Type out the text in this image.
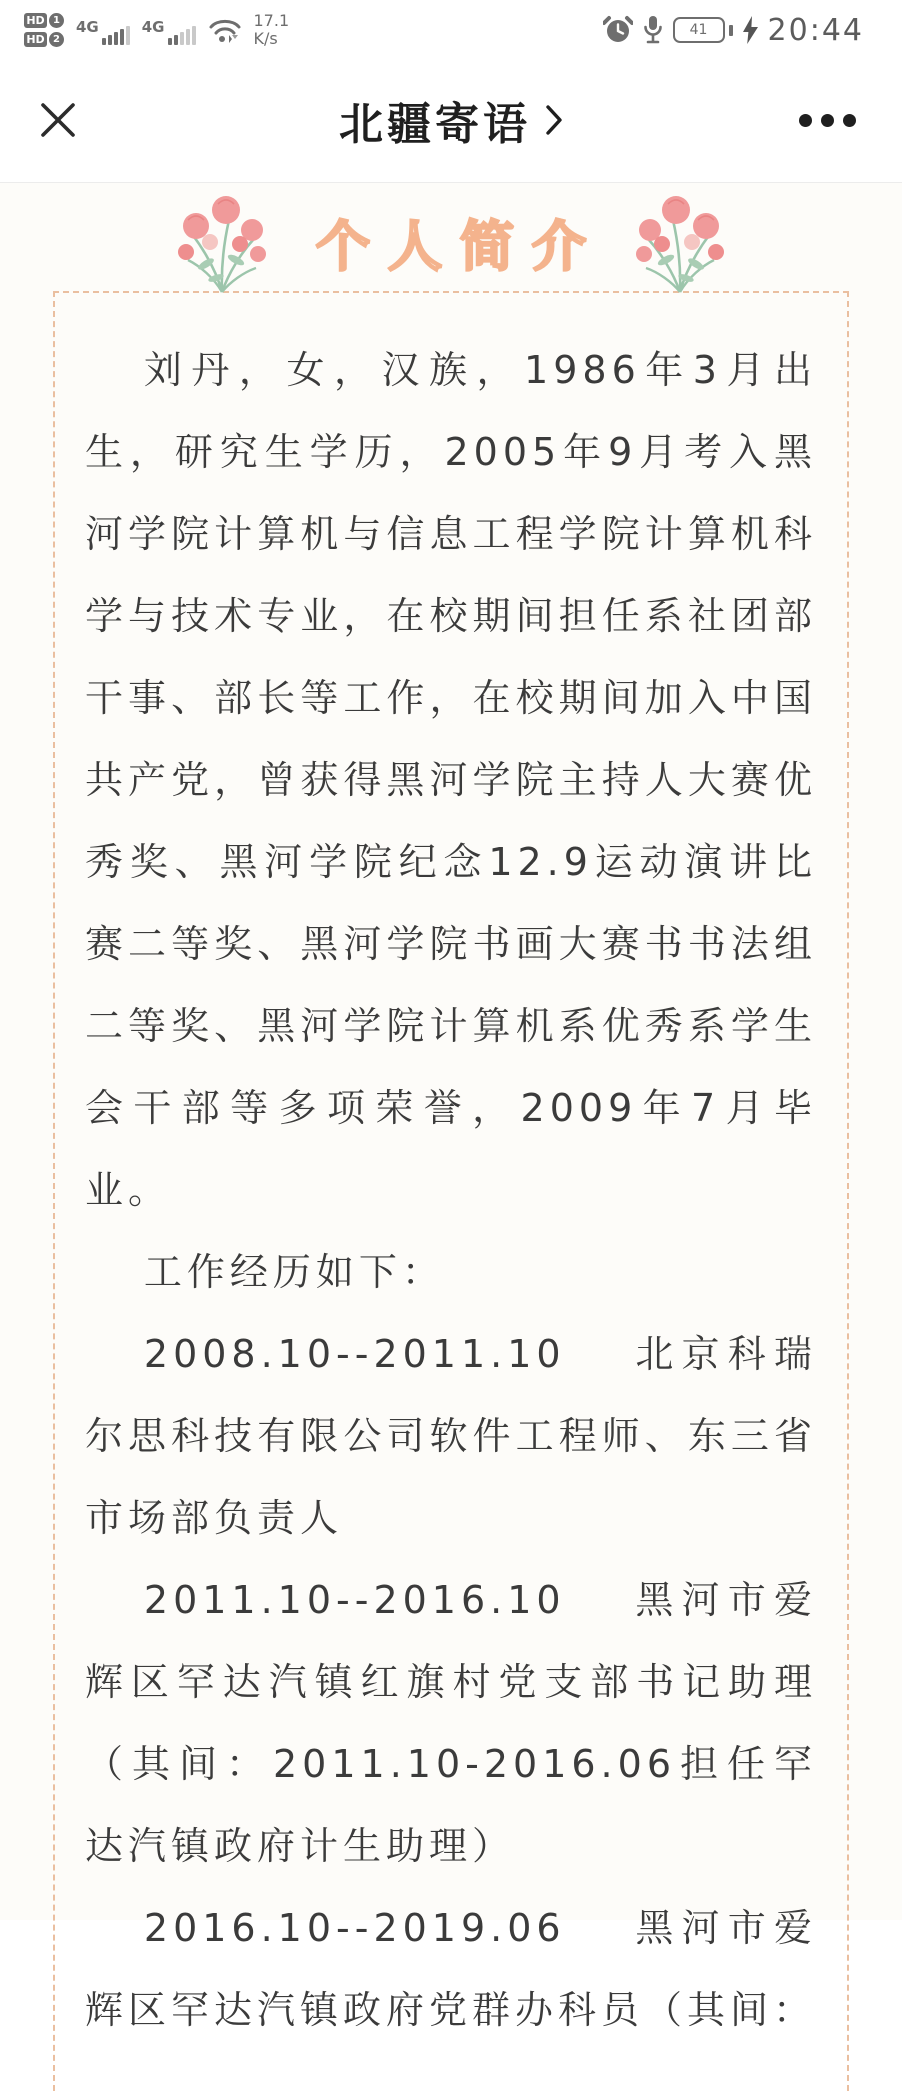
HD 1
HD 2
4G	4G	17.1
K/s	41 20:44
北疆寄语
个人简介

刘丹，女，汉族，1986年3月出生，研究生学历，2005年9月考入黑河学院计算机与信息工程学院计算机科学与技术专业，在校期间担任系社团部干事、部长等工作，在校期间加入中国共产党，曾获得黑河学院主持人大赛优秀奖、黑河学院纪念12.9运动演讲比赛二等奖、黑河学院书画大赛书书法组二等奖、黑河学院计算机系优秀系学生会干部等多项荣誉，2009年7月毕业。

工作经历如下：

2008.10--2011.10　 北京科瑞尔思科技有限公司软件工程师、东三省市场部负责人

2011.10--2016.10　 黑河市爱辉区罕达汽镇红旗村党支部书记助理（其间：2011.10-2016.06担任罕达汽镇政府计生助理）

2016.10--2019.06　 黑河市爱辉区罕达汽镇政府党群办科员（其间：
